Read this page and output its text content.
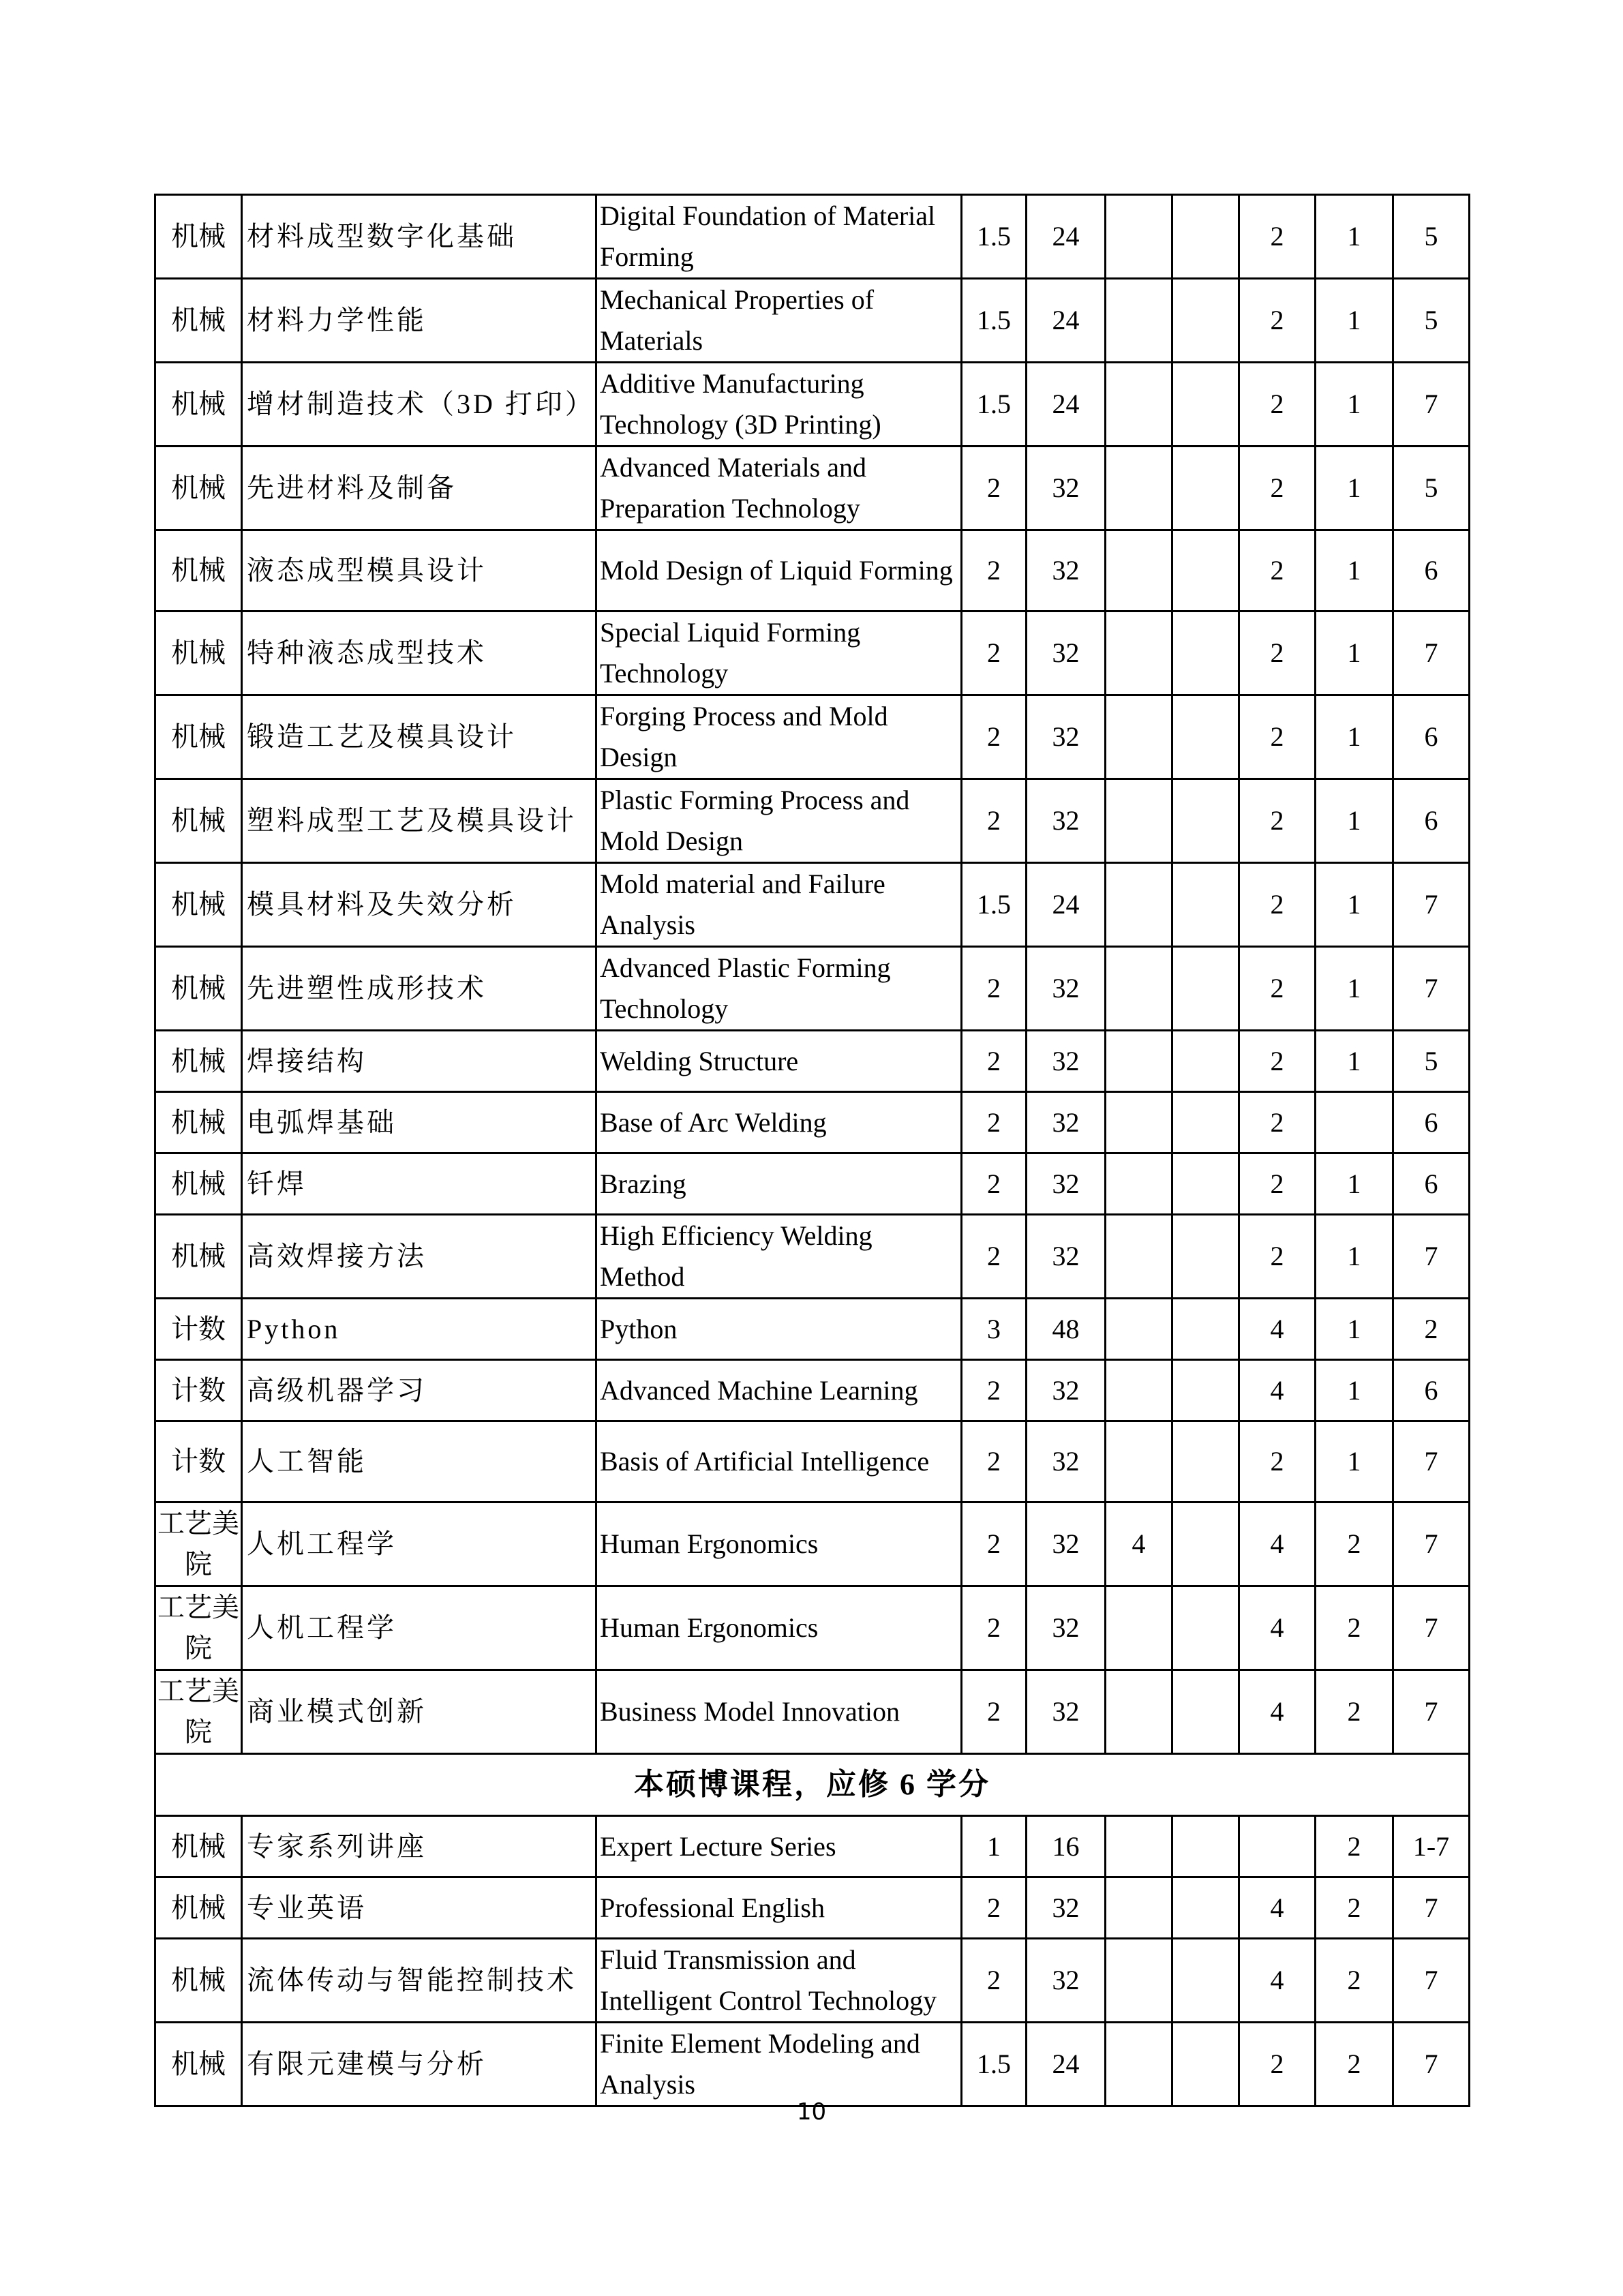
机械	材料成型数字化基础	Digital Foundation of Material Forming	1.5	24			2	1	5
机械	材料力学性能	Mechanical Properties of Materials	1.5	24			2	1	5
机械	增材制造技术（3D 打印）	Additive Manufacturing Technology (3D Printing)	1.5	24			2	1	7
机械	先进材料及制备	Advanced Materials and Preparation Technology	2	32			2	1	5
机械	液态成型模具设计	Mold Design of Liquid Forming	2	32			2	1	6
机械	特种液态成型技术	Special Liquid Forming Technology	2	32			2	1	7
机械	锻造工艺及模具设计	Forging Process and Mold Design	2	32			2	1	6
机械	塑料成型工艺及模具设计	Plastic Forming Process and Mold Design	2	32			2	1	6
机械	模具材料及失效分析	Mold material and Failure Analysis	1.5	24			2	1	7
机械	先进塑性成形技术	Advanced Plastic Forming Technology	2	32			2	1	7
机械	焊接结构	Welding Structure	2	32			2	1	5
机械	电弧焊基础	Base of Arc Welding	2	32			2		6
机械	钎焊	Brazing	2	32			2	1	6
机械	高效焊接方法	High Efficiency Welding Method	2	32			2	1	7
计数	Python	Python	3	48			4	1	2
计数	高级机器学习	Advanced Machine Learning	2	32			4	1	6
计数	人工智能	Basis of Artificial Intelligence	2	32			2	1	7
工艺美院	人机工程学	Human Ergonomics	2	32	4		4	2	7
工艺美院	人机工程学	Human Ergonomics	2	32			4	2	7
工艺美院	商业模式创新	Business Model Innovation	2	32			4	2	7
本硕博课程，应修 6 学分									
机械	专家系列讲座	Expert Lecture Series	1	16				2	1-7
机械	专业英语	Professional English	2	32			4	2	7
机械	流体传动与智能控制技术	Fluid Transmission and Intelligent Control Technology	2	32			4	2	7
机械	有限元建模与分析	Finite Element Modeling and Analysis	1.5	24			2	2	7
10
